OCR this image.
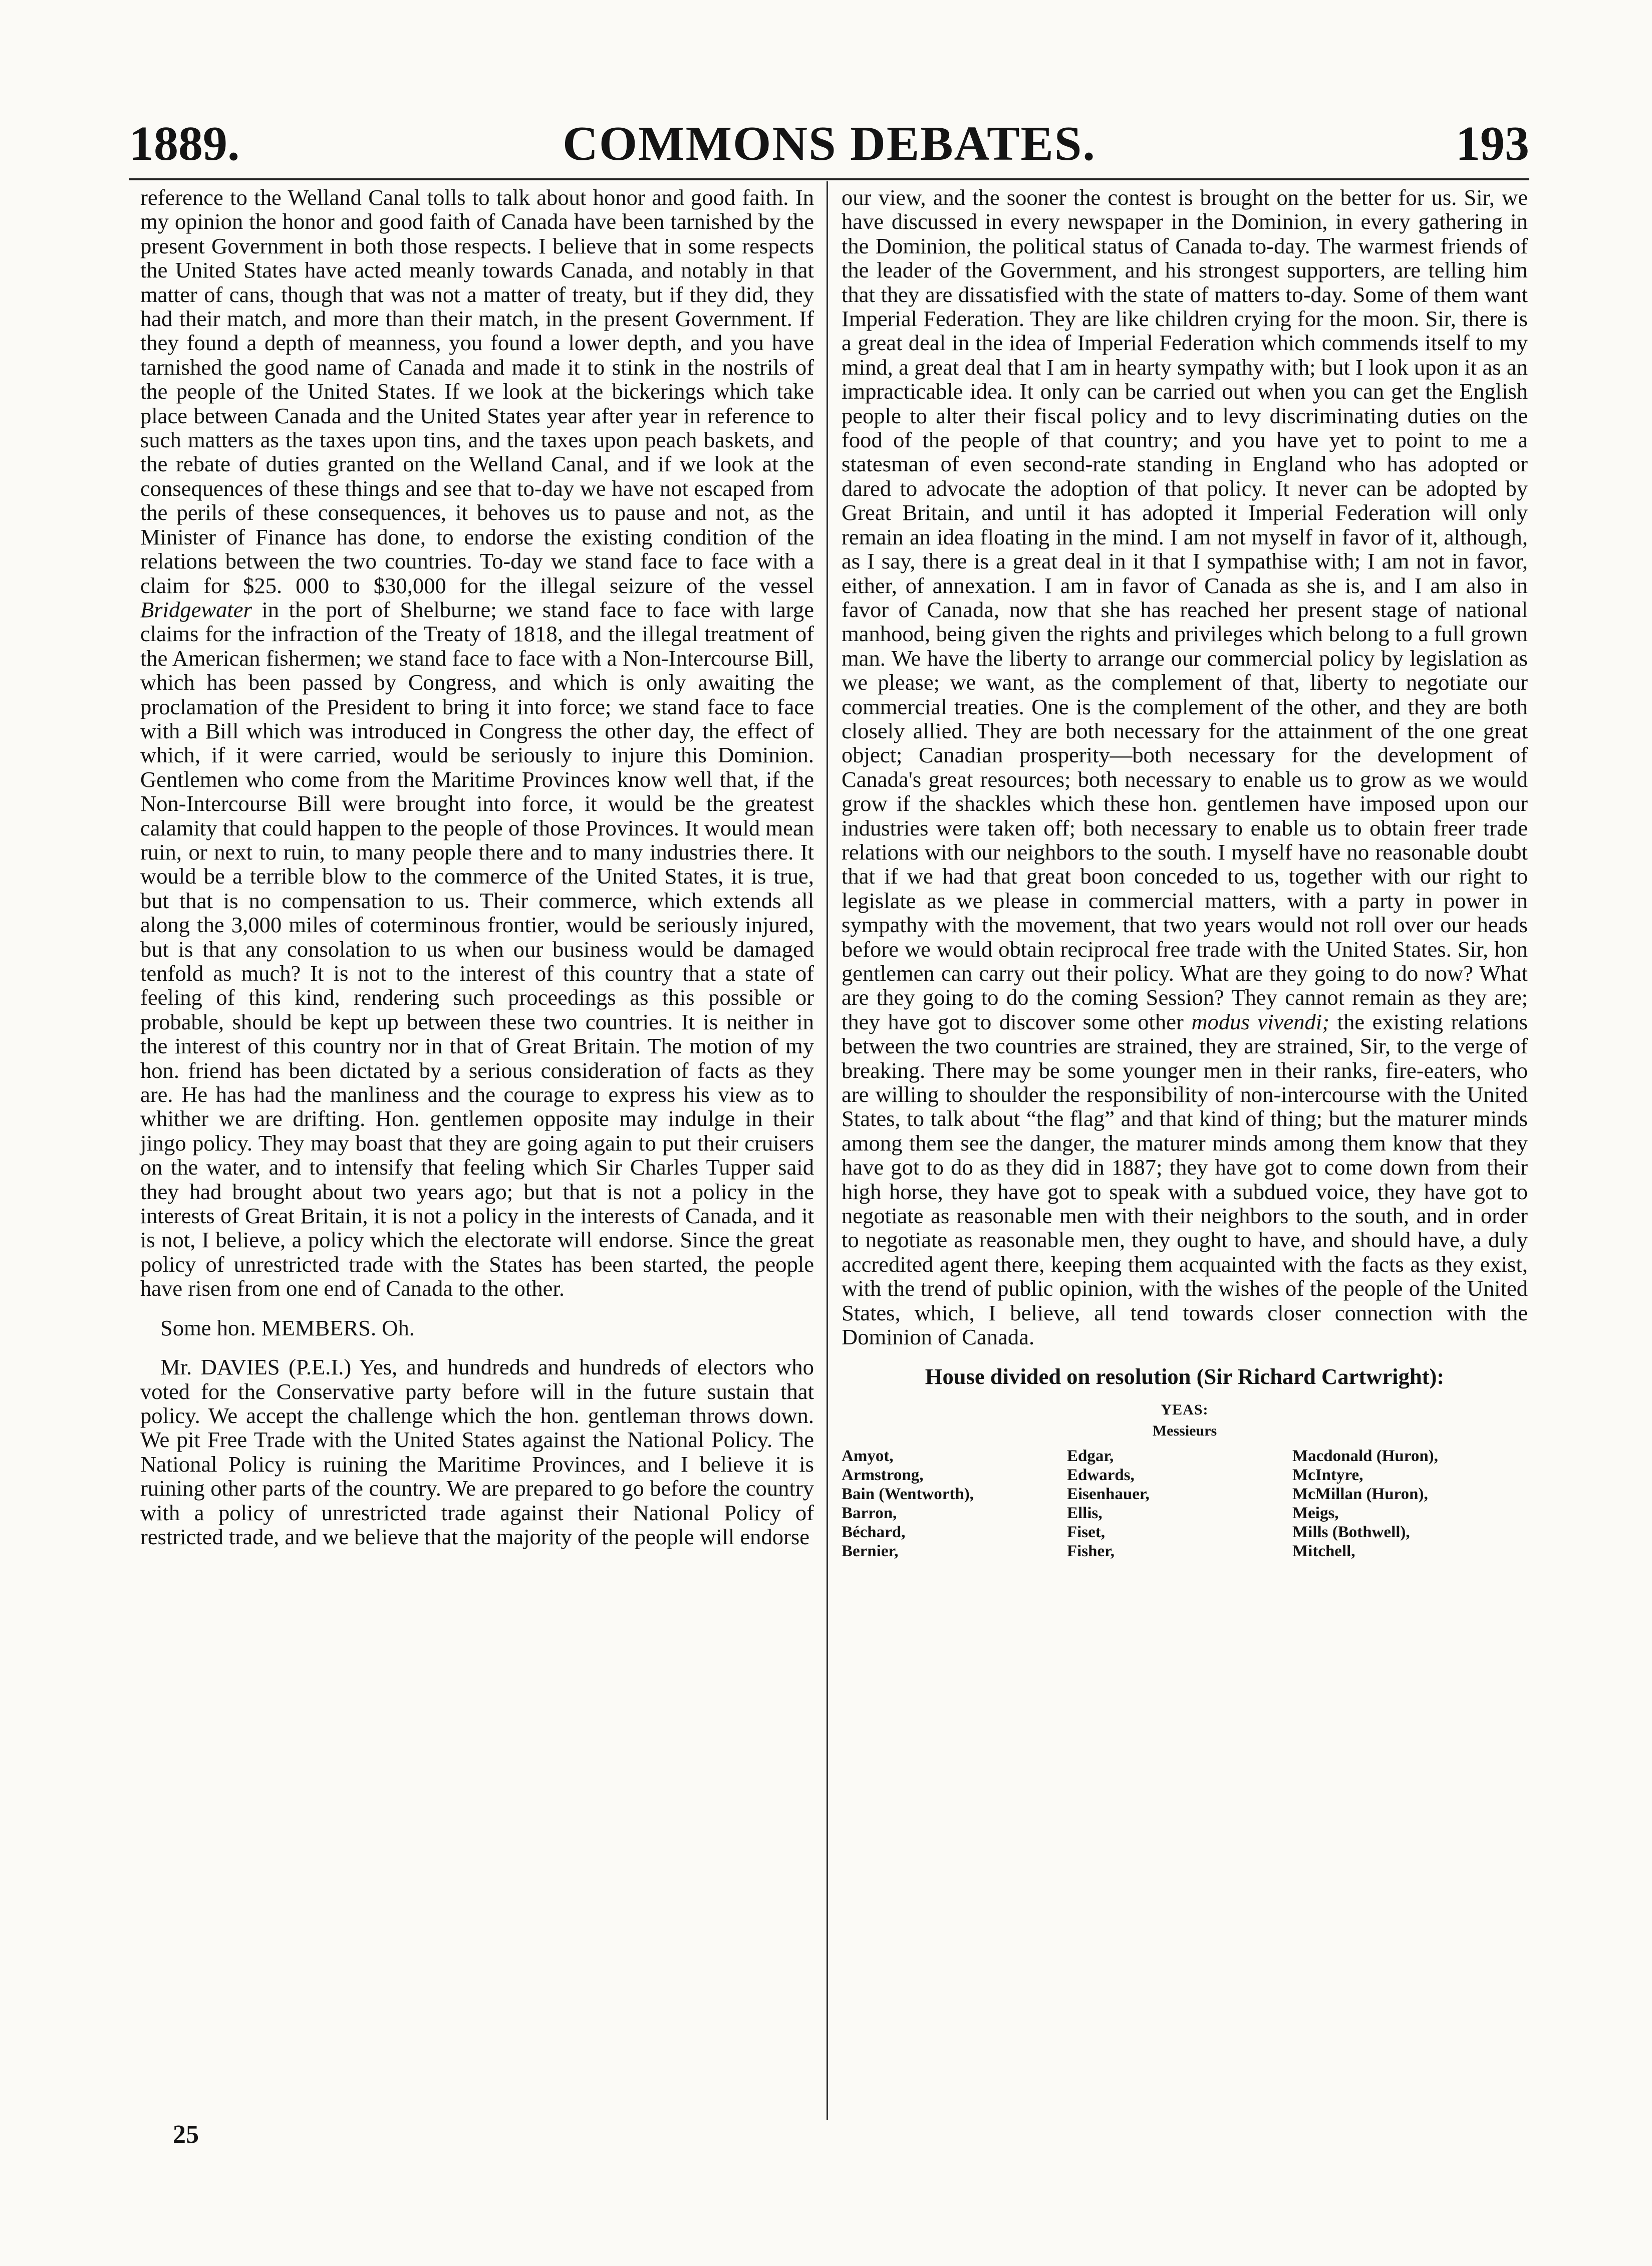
1889.	COMMONS DEBATES.	193

reference to the Welland Canal tolls to talk about honor and good faith. In my opinion the honor and good faith of Canada have been tarnished by the present Government in both those respects. I believe that in some respects the United States have acted meanly towards Canada, and notably in that matter of cans, though that was not a matter of treaty, but if they did, they had their match, and more than their match, in the present Government. If they found a depth of meanness, you found a lower depth, and you have tarnished the good name of Canada and made it to stink in the nostrils of the people of the United States. If we look at the bickerings which take place between Canada and the United States year after year in reference to such matters as the taxes upon tins, and the taxes upon peach baskets, and the rebate of duties granted on the Welland Canal, and if we look at the consequences of these things and see that to-day we have not escaped from the perils of these consequences, it behoves us to pause and not, as the Minister of Finance has done, to endorse the existing condition of the relations between the two countries. To-day we stand face to face with a claim for $25. 000 to $30,000 for the illegal seizure of the vessel Bridgewater in the port of Shelburne; we stand face to face with large claims for the infraction of the Treaty of 1818, and the illegal treatment of the American fishermen; we stand face to face with a Non-Intercourse Bill, which has been passed by Congress, and which is only awaiting the proclamation of the President to bring it into force; we stand face to face with a Bill which was introduced in Congress the other day, the effect of which, if it were carried, would be seriously to injure this Dominion. Gentlemen who come from the Maritime Provinces know well that, if the Non-Intercourse Bill were brought into force, it would be the greatest calamity that could happen to the people of those Provinces. It would mean ruin, or next to ruin, to many people there and to many industries there. It would be a terrible blow to the commerce of the United States, it is true, but that is no compensation to us. Their commerce, which extends all along the 3,000 miles of coterminous frontier, would be seriously injured, but is that any consolation to us when our business would be damaged tenfold as much? It is not to the interest of this country that a state of feeling of this kind, rendering such proceedings as this possible or probable, should be kept up between these two countries. It is neither in the interest of this country nor in that of Great Britain. The motion of my hon. friend has been dictated by a serious consideration of facts as they are. He has had the manliness and the courage to express his view as to whither we are drifting. Hon. gentlemen opposite may indulge in their jingo policy. They may boast that they are going again to put their cruisers on the water, and to intensify that feeling which Sir Charles Tupper said they had brought about two years ago; but that is not a policy in the interests of Great Britain, it is not a policy in the interests of Canada, and it is not, I believe, a policy which the electorate will endorse. Since the great policy of unrestricted trade with the States has been started, the people have risen from one end of Canada to the other.

Some hon. MEMBERS. Oh.

Mr. DAVIES (P.E.I.) Yes, and hundreds and hundreds of electors who voted for the Conservative party before will in the future sustain that policy. We accept the challenge which the hon. gentleman throws down. We pit Free Trade with the United States against the National Policy. The National Policy is ruining the Maritime Provinces, and I believe it is ruining other parts of the country. We are prepared to go before the country with a policy of unrestricted trade against their National Policy of restricted trade, and we believe that the majority of the people will endorse

our view, and the sooner the contest is brought on the better for us. Sir, we have discussed in every newspaper in the Dominion, in every gathering in the Dominion, the political status of Canada to-day. The warmest friends of the leader of the Government, and his strongest supporters, are telling him that they are dissatisfied with the state of matters to-day. Some of them want Imperial Federation. They are like children crying for the moon. Sir, there is a great deal in the idea of Imperial Federation which commends itself to my mind, a great deal that I am in hearty sympathy with; but I look upon it as an impracticable idea. It only can be carried out when you can get the English people to alter their fiscal policy and to levy discriminating duties on the food of the people of that country; and you have yet to point to me a statesman of even second-rate standing in England who has adopted or dared to advocate the adoption of that policy. It never can be adopted by Great Britain, and until it has adopted it Imperial Federation will only remain an idea floating in the mind. I am not myself in favor of it, although, as I say, there is a great deal in it that I sympathise with; I am not in favor, either, of annexation. I am in favor of Canada as she is, and I am also in favor of Canada, now that she has reached her present stage of national manhood, being given the rights and privileges which belong to a full grown man. We have the liberty to arrange our commercial policy by legislation as we please; we want, as the complement of that, liberty to negotiate our commercial treaties. One is the complement of the other, and they are both closely allied. They are both necessary for the attainment of the one great object; Canadian prosperity—both necessary for the development of Canada's great resources; both necessary to enable us to grow as we would grow if the shackles which these hon. gentlemen have imposed upon our industries were taken off; both necessary to enable us to obtain freer trade relations with our neighbors to the south. I myself have no reasonable doubt that if we had that great boon conceded to us, together with our right to legislate as we please in commercial matters, with a party in power in sympathy with the movement, that two years would not roll over our heads before we would obtain reciprocal free trade with the United States. Sir, hon gentlemen can carry out their policy. What are they going to do now? What are they going to do the coming Session? They cannot remain as they are; they have got to discover some other modus vivendi; the existing relations between the two countries are strained, they are strained, Sir, to the verge of breaking. There may be some younger men in their ranks, fire-eaters, who are willing to shoulder the responsibility of non-intercourse with the United States, to talk about “the flag” and that kind of thing; but the maturer minds among them see the danger, the maturer minds among them know that they have got to do as they did in 1887; they have got to come down from their high horse, they have got to speak with a subdued voice, they have got to negotiate as reasonable men with their neighbors to the south, and in order to negotiate as reasonable men, they ought to have, and should have, a duly accredited agent there, keeping them acquainted with the facts as they exist, with the trend of public opinion, with the wishes of the people of the United States, which, I believe, all tend towards closer connection with the Dominion of Canada.

House divided on resolution (Sir Richard Cartwright):

YEAS:
Messieurs
Amyot,	Edgar,	Macdonald (Huron),
Armstrong,	Edwards,	McIntyre,
Bain (Wentworth),	Eisenhauer,	McMillan (Huron),
Barron,	Ellis,	Meigs,
Béchard,	Fiset,	Mills (Bothwell),
Bernier,	Fisher,	Mitchell,
25
